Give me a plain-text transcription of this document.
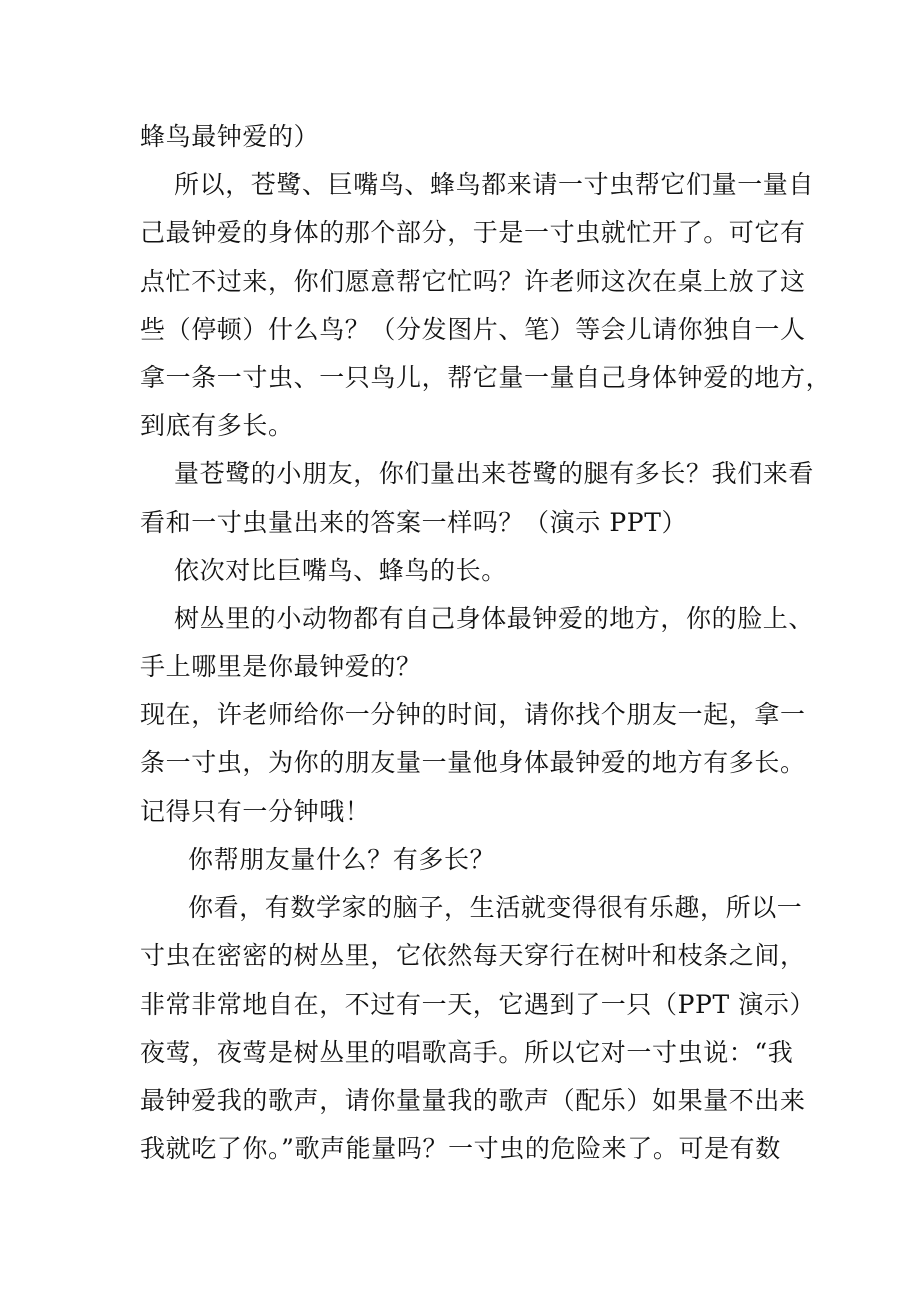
蜂鸟最钟爱的）
所以，苍鹭、巨嘴鸟、蜂鸟都来请一寸虫帮它们量一量自
己最钟爱的身体的那个部分，于是一寸虫就忙开了。可它有
点忙不过来，你们愿意帮它忙吗？许老师这次在桌上放了这
些（停顿）什么鸟？（分发图片、笔）等会儿请你独自一人
拿一条一寸虫、一只鸟儿，帮它量一量自己身体钟爱的地方，
到底有多长。
量苍鹭的小朋友，你们量出来苍鹭的腿有多长？我们来看
看和一寸虫量出来的答案一样吗？（演示 PPT）
依次对比巨嘴鸟、蜂鸟的长。
树丛里的小动物都有自己身体最钟爱的地方，你的脸上、
手上哪里是你最钟爱的？
现在，许老师给你一分钟的时间，请你找个朋友一起，拿一
条一寸虫，为你的朋友量一量他身体最钟爱的地方有多长。
记得只有一分钟哦！
你帮朋友量什么？有多长？
你看，有数学家的脑子，生活就变得很有乐趣，所以一
寸虫在密密的树丛里，它依然每天穿行在树叶和枝条之间，
非常非常地自在，不过有一天，它遇到了一只（PPT 演示）
夜莺，夜莺是树丛里的唱歌高手。所以它对一寸虫说：“我
最钟爱我的歌声，请你量量我的歌声（配乐）如果量不出来
我就吃了你。”歌声能量吗？一寸虫的危险来了。可是有数
